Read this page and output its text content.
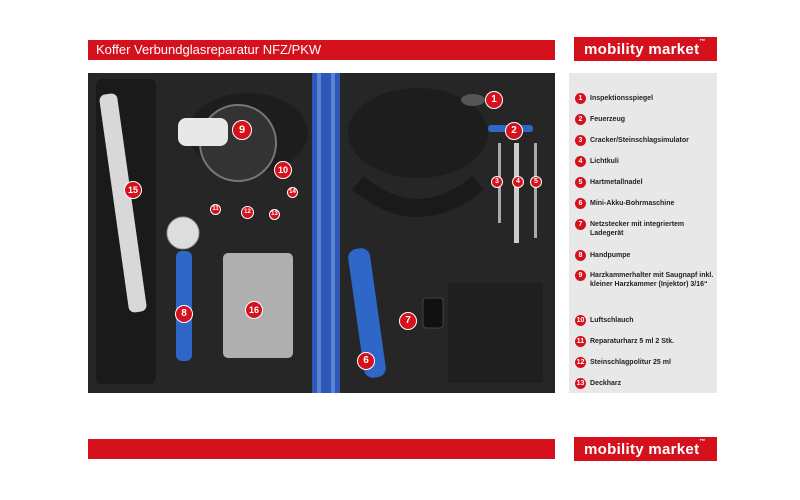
Koffer Verbundglasreparatur NFZ/PKW	mobility market™
1
2
3	4	5
6
7
8
9
10
11	12	13
14
15
16
1	Inspektionsspiegel
2	Feuerzeug
3	Cracker/Steinschlagsimulator
4	Lichtkuli
5	Hartmetallnadel
6	Mini-Akku-Bohrmaschine
7	Netzstecker mit integriertem Ladegerät
8	Handpumpe
9	Harzkammerhalter mit Saugnapf inkl. kleiner Harzkammer (Injektor) 3/16“
10 Luftschlauch
11 Reparaturharz 5 ml 2 Stk.
12 Steinschlagpolitur 25 ml
13 Deckharz
mobility market™
